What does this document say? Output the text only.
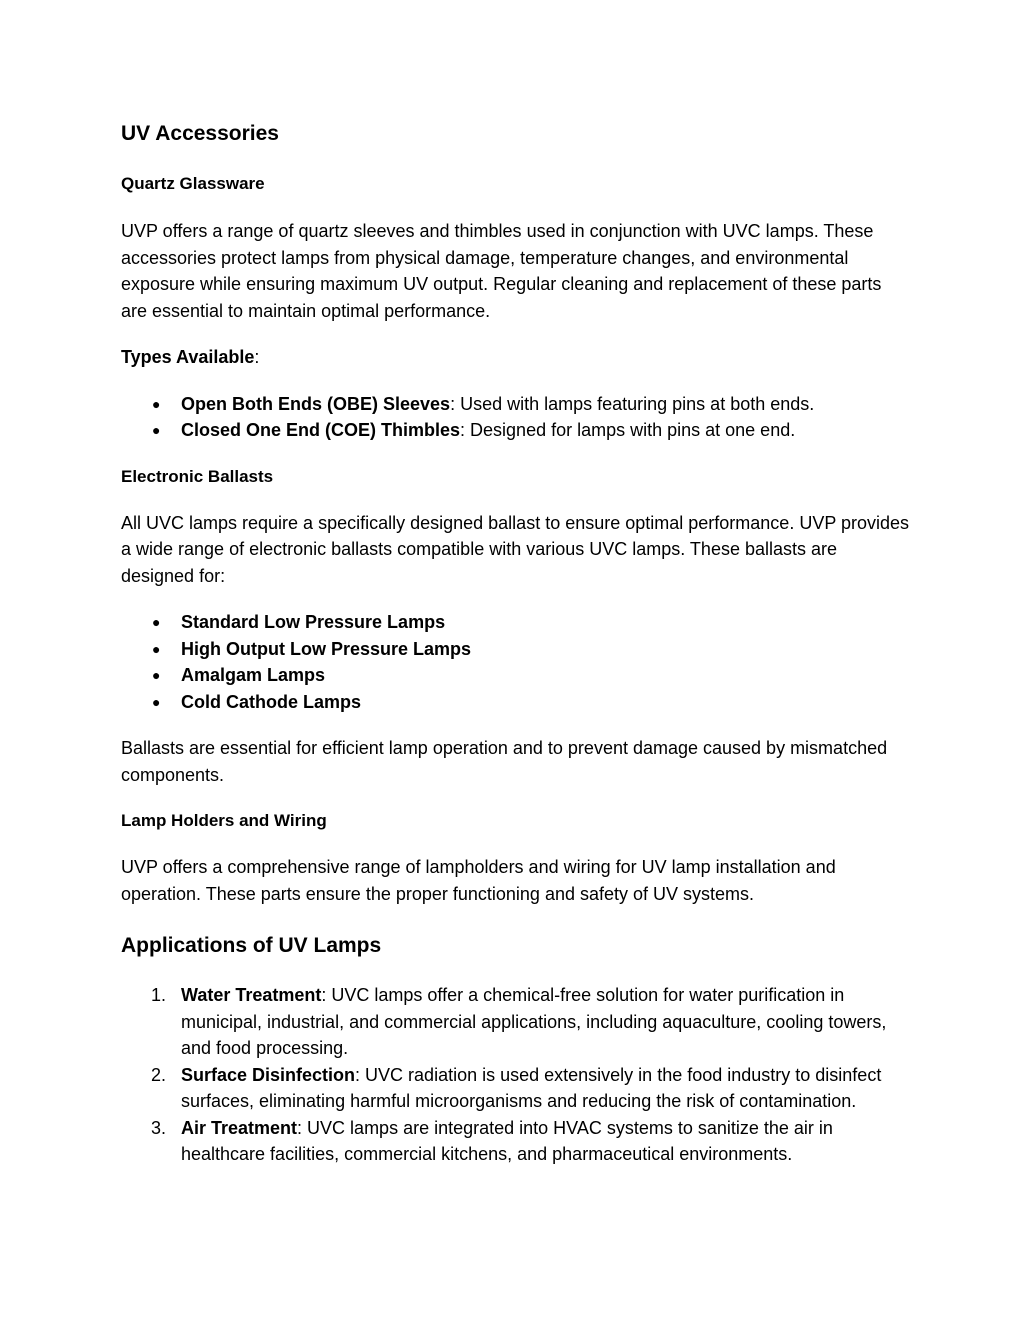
UV Accessories
Quartz Glassware

UVP offers a range of quartz sleeves and thimbles used in conjunction with UVC lamps. These accessories protect lamps from physical damage, temperature changes, and environmental exposure while ensuring maximum UV output. Regular cleaning and replacement of these parts are essential to maintain optimal performance.

Types Available:

● Open Both Ends (OBE) Sleeves: Used with lamps featuring pins at both ends.
● Closed One End (COE) Thimbles: Designed for lamps with pins at one end.
Electronic Ballasts

All UVC lamps require a specifically designed ballast to ensure optimal performance. UVP provides a wide range of electronic ballasts compatible with various UVC lamps. These ballasts are designed for:

● Standard Low Pressure Lamps
● High Output Low Pressure Lamps
● Amalgam Lamps
● Cold Cathode Lamps

Ballasts are essential for efficient lamp operation and to prevent damage caused by mismatched components.

Lamp Holders and Wiring

UVP offers a comprehensive range of lampholders and wiring for UV lamp installation and operation. These parts ensure the proper functioning and safety of UV systems.

Applications of UV Lamps
1. Water Treatment: UVC lamps offer a chemical-free solution for water purification in municipal, industrial, and commercial applications, including aquaculture, cooling towers, and food processing.
2. Surface Disinfection: UVC radiation is used extensively in the food industry to disinfect surfaces, eliminating harmful microorganisms and reducing the risk of contamination.
3. Air Treatment: UVC lamps are integrated into HVAC systems to sanitize the air in healthcare facilities, commercial kitchens, and pharmaceutical environments.
